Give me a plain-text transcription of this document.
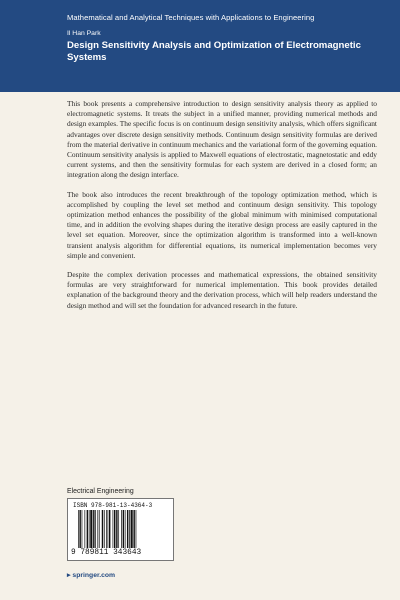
Mathematical and Analytical Techniques with Applications to Engineering
Il Han Park
Design Sensitivity Analysis and Optimization of Electromagnetic Systems

This book presents a comprehensive introduction to design sensitivity analysis theory as applied to electromagnetic systems. It treats the subject in a unified manner, providing numerical methods and design examples. The specific focus is on continuum design sensitivity analysis, which offers significant advantages over discrete design sensitivity methods. Continuum design sensitivity formulas are derived from the material derivative in continuum mechanics and the variational form of the governing equation. Continuum sensitivity analysis is applied to Maxwell equations of electrostatic, magnetostatic and eddy current systems, and then the sensitivity formulas for each system are derived in a closed form; an integration along the design interface.

The book also introduces the recent breakthrough of the topology optimization method, which is accomplished by coupling the level set method and continuum design sensitivity. This topology optimization method enhances the possibility of the global minimum with minimised computational time, and in addition the evolving shapes during the iterative design process are easily captured in the level set equation. Moreover, since the optimization algorithm is transformed into a well-known transient analysis algorithm for differential equations, its numerical implementation becomes very simple and convenient.

Despite the complex derivation processes and mathematical expressions, the obtained sensitivity formulas are very straightforward for numerical implementation. This book provides detailed explanation of the background theory and the derivation process, which will help readers understand the design method and will set the foundation for advanced research in the future.

Electrical Engineering
ISBN 978-981-13-4364-3
9 789811 343643
▸ springer.com
